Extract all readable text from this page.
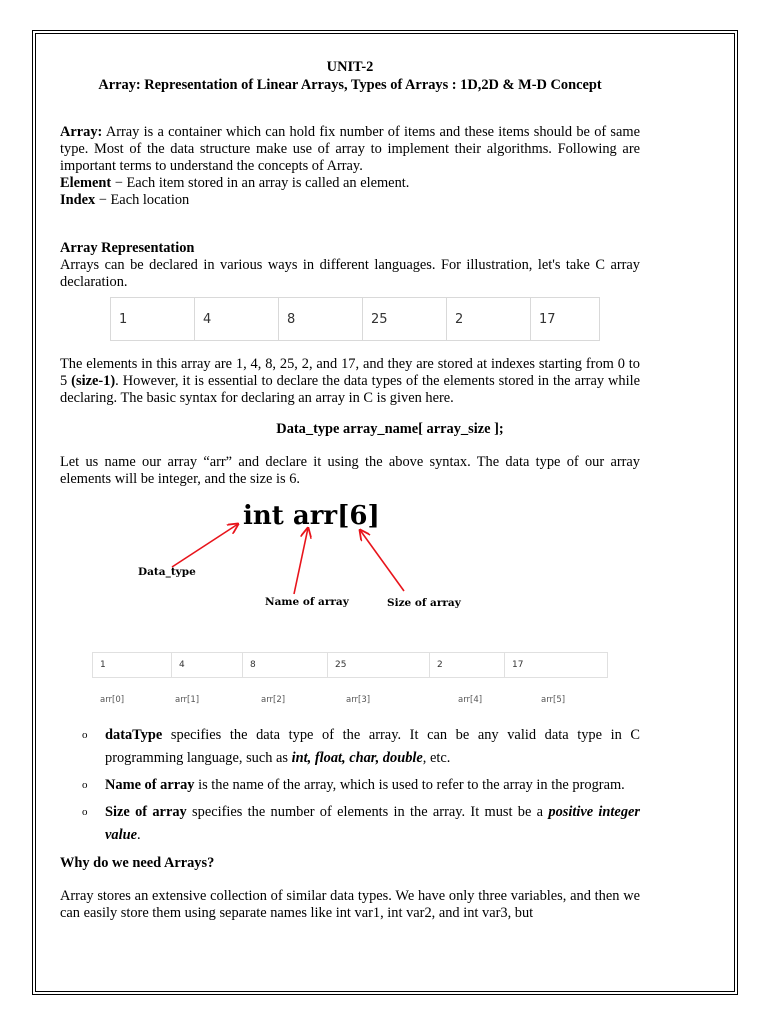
UNIT-2
Array: Representation of Linear Arrays, Types of Arrays : 1D,2D & M-D Concept

Array: Array is a container which can hold fix number of items and these items should be of same type. Most of the data structure make use of array to implement their algorithms. Following are important terms to understand the concepts of Array.

Element − Each item stored in an array is called an element.

Index − Each location

Array Representation

Arrays can be declared in various ways in different languages. For illustration, let's take C array declaration.

1	4	8	25	2	17

The elements in this array are 1, 4, 8, 25, 2, and 17, and they are stored at indexes starting from 0 to 5 (size-1). However, it is essential to declare the data types of the elements stored in the array while declaring. The basic syntax for declaring an array in C is given here.

Data_type array_name[ array_size ];

Let us name our array “arr” and declare it using the above syntax. The data type of our array elements will be integer, and the size is 6.

int arr[6]
Data_type
Name of array	Size of array
1	4	8	25	2	17
arr[0]	arr[1]	arr[2]	arr[3]	arr[4]	arr[5]
o dataType specifies the data type of the array. It can be any valid data type in C programming language, such as int, float, char, double, etc.
o Name of array is the name of the array, which is used to refer to the array in the program.
o Size of array specifies the number of elements in the array. It must be a positive integer value.

Why do we need Arrays?

Array stores an extensive collection of similar data types. We have only three variables, and then we can easily store them using separate names like int var1, int var2, and int var3, but
